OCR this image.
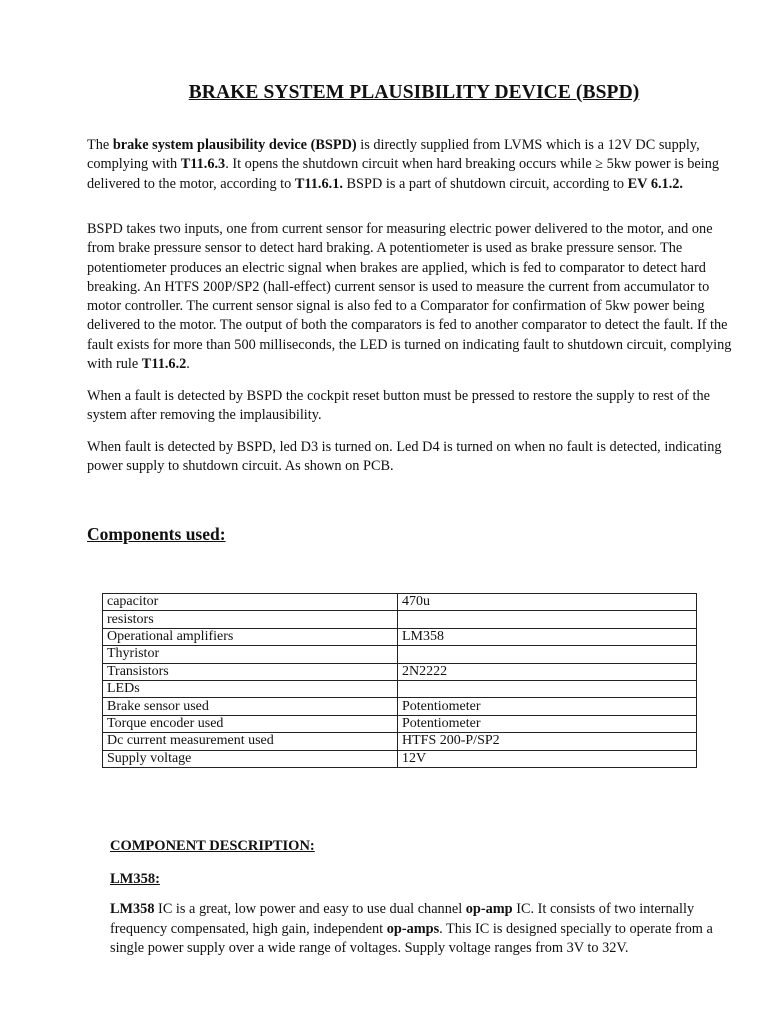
BRAKE SYSTEM PLAUSIBILITY DEVICE (BSPD)

The brake system plausibility device (BSPD) is directly supplied from LVMS which is a 12V DC supply, complying with T11.6.3. It opens the shutdown circuit when hard breaking occurs while ≥ 5kw power is being delivered to the motor, according to T11.6.1. BSPD is a part of shutdown circuit, according to EV 6.1.2.

BSPD takes two inputs, one from current sensor for measuring electric power delivered to the motor, and one from brake pressure sensor to detect hard braking. A potentiometer is used as brake pressure sensor. The potentiometer produces an electric signal when brakes are applied, which is fed to comparator to detect hard breaking. An HTFS 200P/SP2 (hall-effect) current sensor is used to measure the current from accumulator to motor controller. The current sensor signal is also fed to a Comparator for confirmation of 5kw power being delivered to the motor. The output of both the comparators is fed to another comparator to detect the fault. If the fault exists for more than 500 milliseconds, the LED is turned on indicating fault to shutdown circuit, complying with rule T11.6.2.

When a fault is detected by BSPD the cockpit reset button must be pressed to restore the supply to rest of the system after removing the implausibility.

When fault is detected by BSPD, led D3 is turned on. Led D4 is turned on when no fault is detected, indicating power supply to shutdown circuit. As shown on PCB.

Components used:
capacitor	470u
resistors	
Operational amplifiers	LM358
Thyristor	
Transistors	2N2222
LEDs	
Brake sensor used	Potentiometer
Torque encoder used	Potentiometer
Dc current measurement used	HTFS 200-P/SP2
Supply voltage	12V
COMPONENT DESCRIPTION:
LM358:

LM358 IC is a great, low power and easy to use dual channel op-amp IC. It consists of two internally frequency compensated, high gain, independent op-amps. This IC is designed specially to operate from a single power supply over a wide range of voltages. Supply voltage ranges from 3V to 32V.
